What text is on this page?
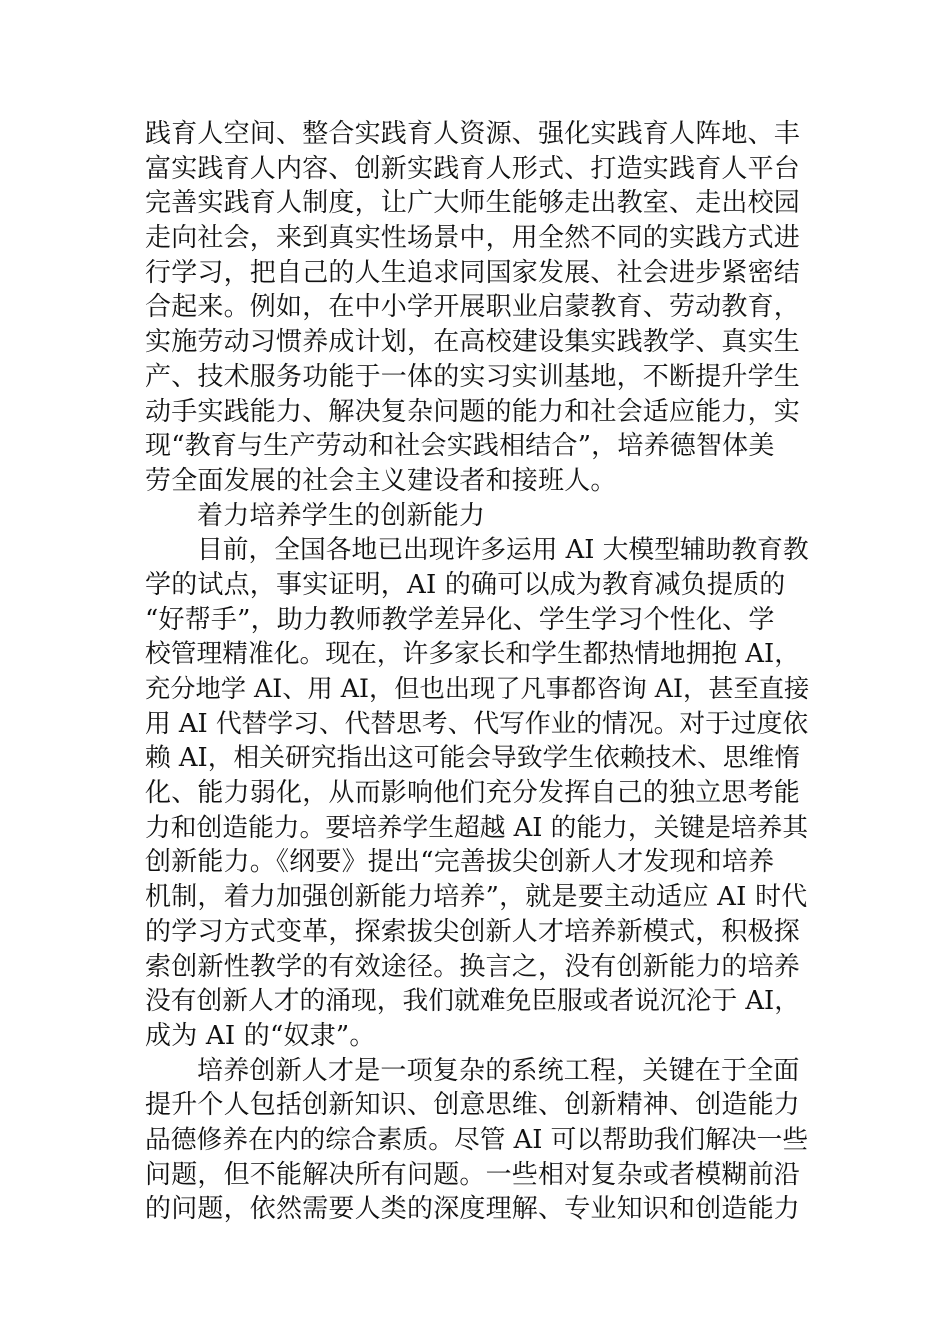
践育人空间、整合实践育人资源、强化实践育人阵地、丰
富实践育人内容、创新实践育人形式、打造实践育人平台
完善实践育人制度，让广大师生能够走出教室、走出校园
走向社会，来到真实性场景中，用全然不同的实践方式进
行学习，把自己的人生追求同国家发展、社会进步紧密结
合起来。例如，在中小学开展职业启蒙教育、劳动教育，
实施劳动习惯养成计划，在高校建设集实践教学、真实生
产、技术服务功能于一体的实习实训基地，不断提升学生
动手实践能力、解决复杂问题的能力和社会适应能力，实
现“教育与生产劳动和社会实践相结合”，培养德智体美
劳全面发展的社会主义建设者和接班人。
着力培养学生的创新能力
目前，全国各地已出现许多运用 AI 大模型辅助教育教
学的试点，事实证明，AI 的确可以成为教育减负提质的
“好帮手”，助力教师教学差异化、学生学习个性化、学
校管理精准化。现在，许多家长和学生都热情地拥抱 AI，
充分地学 AI、用 AI，但也出现了凡事都咨询 AI，甚至直接
用 AI 代替学习、代替思考、代写作业的情况。对于过度依
赖 AI，相关研究指出这可能会导致学生依赖技术、思维惰
化、能力弱化，从而影响他们充分发挥自己的独立思考能
力和创造能力。要培养学生超越 AI 的能力，关键是培养其
创新能力。《纲要》提出“完善拔尖创新人才发现和培养
机制，着力加强创新能力培养”，就是要主动适应 AI 时代
的学习方式变革，探索拔尖创新人才培养新模式，积极探
索创新性教学的有效途径。换言之，没有创新能力的培养
没有创新人才的涌现，我们就难免臣服或者说沉沦于 AI，
成为 AI 的“奴隶”。
培养创新人才是一项复杂的系统工程，关键在于全面
提升个人包括创新知识、创意思维、创新精神、创造能力
品德修养在内的综合素质。尽管 AI 可以帮助我们解决一些
问题，但不能解决所有问题。一些相对复杂或者模糊前沿
的问题，依然需要人类的深度理解、专业知识和创造能力
